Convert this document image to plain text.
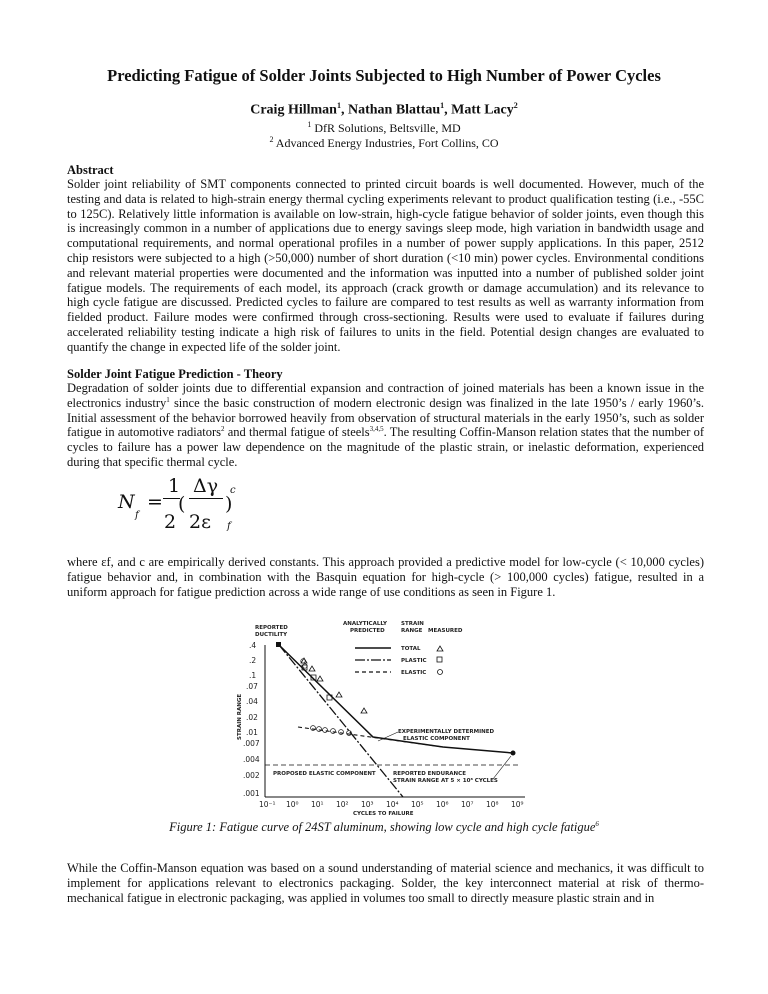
Predicting Fatigue of Solder Joints Subjected to High Number of Power Cycles
Craig Hillman$^1$, Nathan Blattau$^1$, Matt Lacy$^2$
$^1$ DfR Solutions, Beltsville, MD
$^2$ Advanced Energy Industries, Fort Collins, CO
Abstract
Solder joint reliability of SMT components connected to printed circuit boards is well documented. However, much of the testing and data is related to high-strain energy thermal cycling experiments relevant to product qualification testing (i.e., -55C to 125C). Relatively little information is available on low-strain, high-cycle fatigue behavior of solder joints, even though this is increasingly common in a number of applications due to energy savings sleep mode, high variation in bandwidth usage and computational requirements, and normal operational profiles in a number of power supply applications. In this paper, 2512 chip resistors were subjected to a high (>50,000) number of short duration (<10 min) power cycles. Environmental conditions and relevant material properties were documented and the information was inputted into a number of published solder joint fatigue models. The requirements of each model, its approach (crack growth or damage accumulation) and its relevance to high cycle fatigue are discussed. Predicted cycles to failure are compared to test results as well as warranty information from fielded product. Failure modes were confirmed through cross-sectioning. Results were used to evaluate if failures during accelerated reliability testing indicate a high risk of failures to units in the field. Potential design changes are evaluated to quantify the change in expected life of the solder joint.
Solder Joint Fatigue Prediction - Theory
Degradation of solder joints due to differential expansion and contraction of joined materials has been a known issue in the electronics industry$^1$ since the basic construction of modern electronic design was finalized in the late 1950’s / early 1960’s. Initial assessment of the behavior borrowed heavily from observation of structural materials in the early 1950’s, such as solder fatigue in automotive radiators$^2$ and thermal fatigue of steels$^{3,4,5}$. The resulting Coffin-Manson relation states that the number of cycles to failure has a power law dependence on the magnitude of the plastic strain, or inelastic deformation, experienced during that specific thermal cycle.
N
f
=
1
2
(
Δγ
2ε f
)
c
where εf, and c are empirically derived constants. This approach provided a predictive model for low-cycle (< 10,000 cycles) fatigue behavior and, in combination with the Basquin equation for high-cycle (> 100,000 cycles) fatigue, resulted in a uniform approach for fatigue prediction across a wide range of use conditions as seen in Figure 1.
.4
.2
.1
.07
.04
.02
.01
.007
.004
.002
.001
10⁻¹ 10⁰ 10¹ 10² 10³ 10⁴ 10⁵ 10⁶ 10⁷ 10⁸ 10⁹
CYCLES TO FAILURE
STRAIN RANGE
REPORTED
DUCTILITY
ANALYTICALLY
PREDICTED
STRAIN
RANGE MEASURED
TOTAL
PLASTIC
ELASTIC
EXPERIMENTALLY DETERMINED
ELASTIC COMPONENT
PROPOSED ELASTIC COMPONENT	REPORTED ENDURANCE
STRAIN RANGE AT 5 × 10⁸ CYCLES
Figure 1: Fatigue curve of 24ST aluminum, showing low cycle and high cycle fatigue$^6$
While the Coffin-Manson equation was based on a sound understanding of material science and mechanics, it was difficult to implement for applications relevant to electronics packaging. Solder, the key interconnect material at risk of thermo-mechanical fatigue in electronic packaging, was applied in volumes too small to directly measure plastic strain and in
